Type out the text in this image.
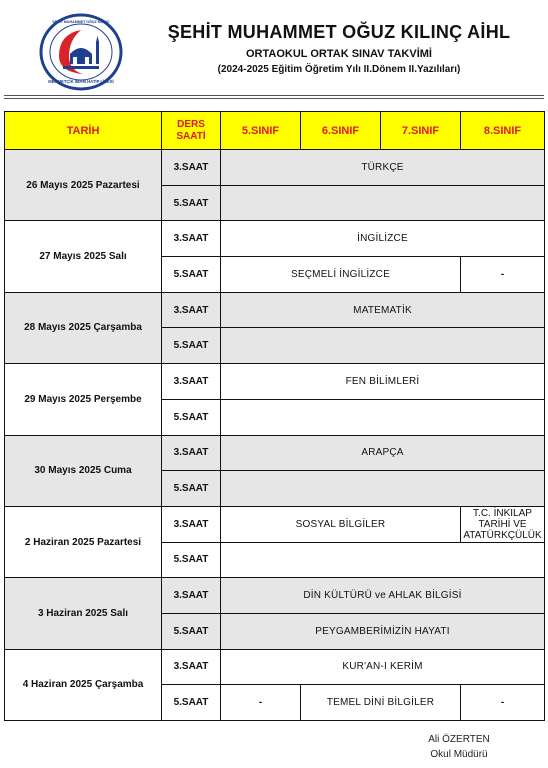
MEHMETÇİK İMAM HATİP LİSESİ
ŞEHİT MUHAMMET OĞUZ KILINÇ	ŞEHİT MUHAMMET OĞUZ KILINÇ AİHL
ORTAOKUL ORTAK SINAV TAKVİMİ
(2024-2025 Eğitim Öğretim Yılı II.Dönem II.Yazılıları)
TARİH	DERS SAATİ	5.SINIF	6.SINIF	7.SINIF	8.SINIF
26 Mayıs 2025 Pazartesi	3.SAAT	TÜRKÇE			
	5.SAAT				
27 Mayıs 2025 Salı	3.SAAT	İNGİLİZCE			
	5.SAAT	SEÇMELİ İNGİLİZCE			-
28 Mayıs 2025 Çarşamba	3.SAAT	MATEMATİK			
	5.SAAT				
29 Mayıs 2025 Perşembe	3.SAAT	FEN BİLİMLERİ			
	5.SAAT				
30 Mayıs 2025 Cuma	3.SAAT	ARAPÇA			
	5.SAAT				
2 Haziran 2025 Pazartesi	3.SAAT	SOSYAL BİLGİLER			T.C. İNKILAP TARİHİ VE ATATÜRKÇÜLÜK
	5.SAAT				
3 Haziran 2025 Salı	3.SAAT	DİN KÜLTÜRÜ ve AHLAK BİLGİSİ			
	5.SAAT	PEYGAMBERİMİZİN HAYATI			
4 Haziran 2025 Çarşamba	3.SAAT	KUR'AN-I KERİM			
	5.SAAT	-	TEMEL DİNİ BİLGİLER		-
Ali ÖZERTEN
Okul Müdürü
